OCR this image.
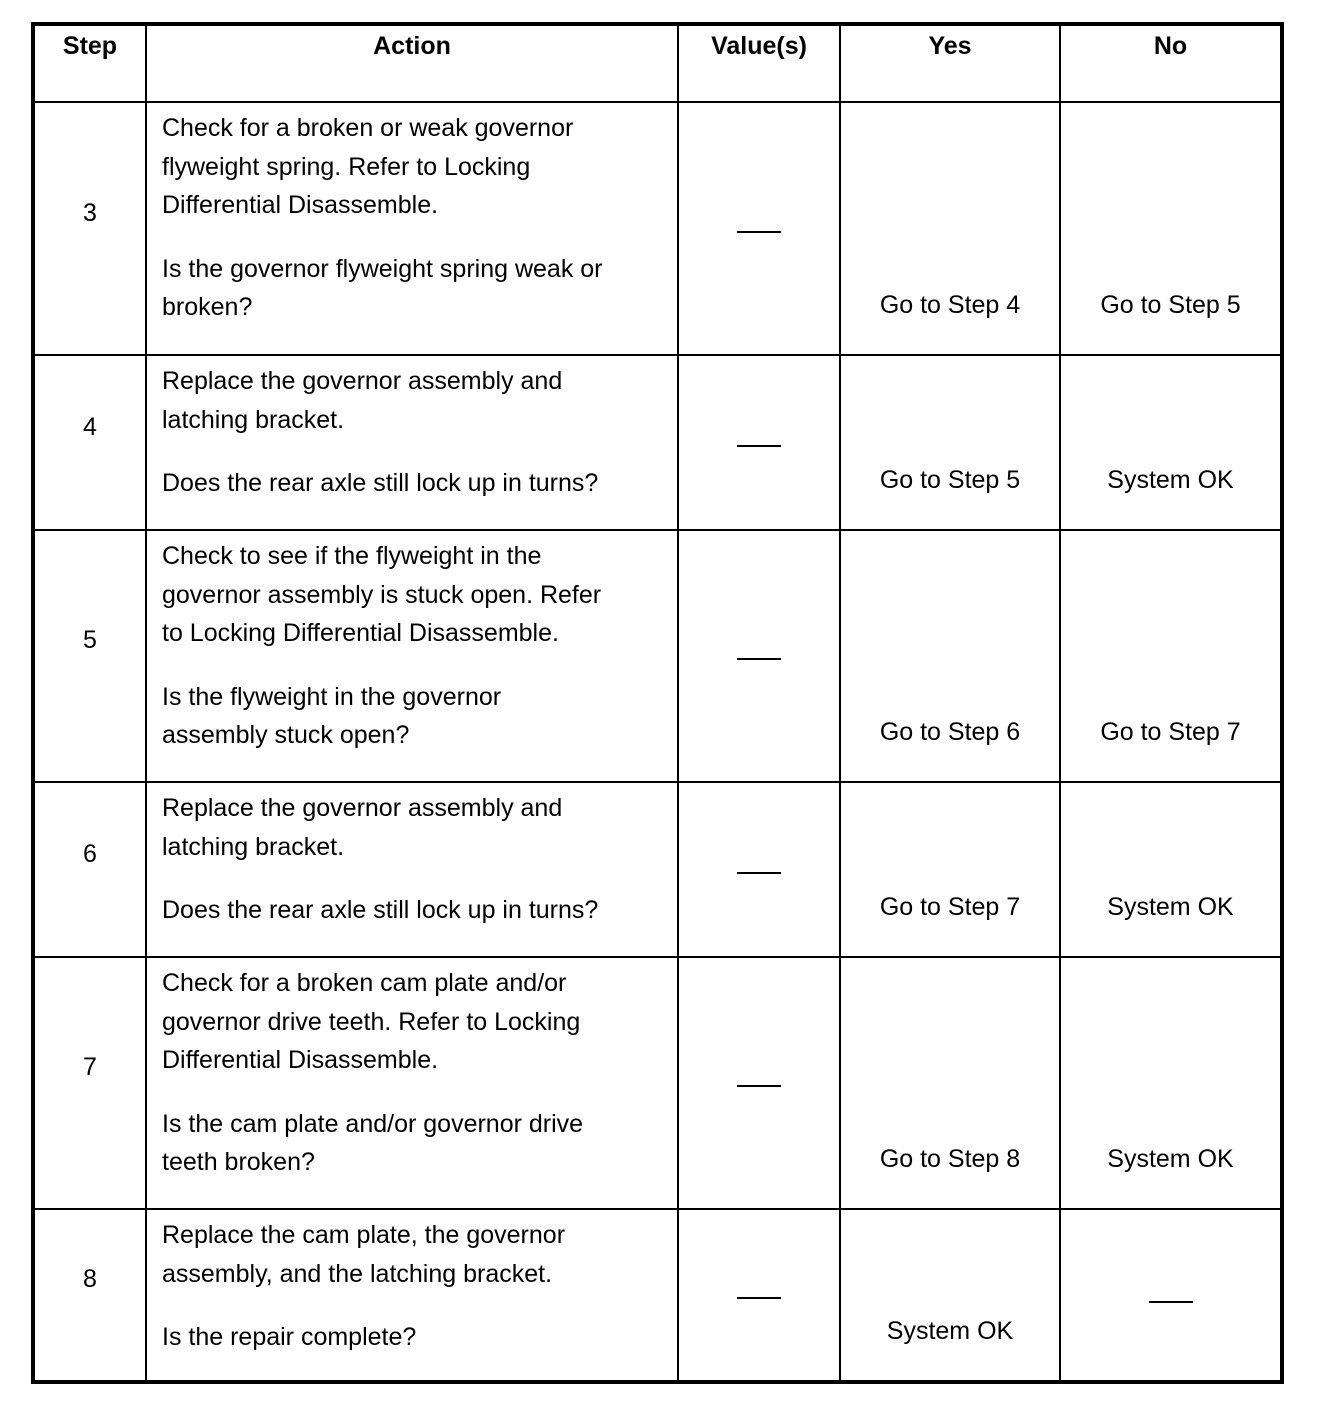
Step	Action	Value(s)	Yes	No

3	Check for a broken or weak governor
flyweight spring. Refer to Locking
Differential Disassemble.

Is the governor flyweight spring weak or
broken?		Go to Step 4	Go to Step 5

4	Replace the governor assembly and
latching bracket.

Does the rear axle still lock up in turns?		Go to Step 5	System OK

5	Check to see if the flyweight in the
governor assembly is stuck open. Refer
to Locking Differential Disassemble.

Is the flyweight in the governor
assembly stuck open?		Go to Step 6	Go to Step 7

6	Replace the governor assembly and
latching bracket.

Does the rear axle still lock up in turns?		Go to Step 7	System OK

7	Check for a broken cam plate and/or
governor drive teeth. Refer to Locking
Differential Disassemble.

Is the cam plate and/or governor drive
teeth broken?		Go to Step 8	System OK

8	Replace the cam plate, the governor
assembly, and the latching bracket.

Is the repair complete?		System OK	
